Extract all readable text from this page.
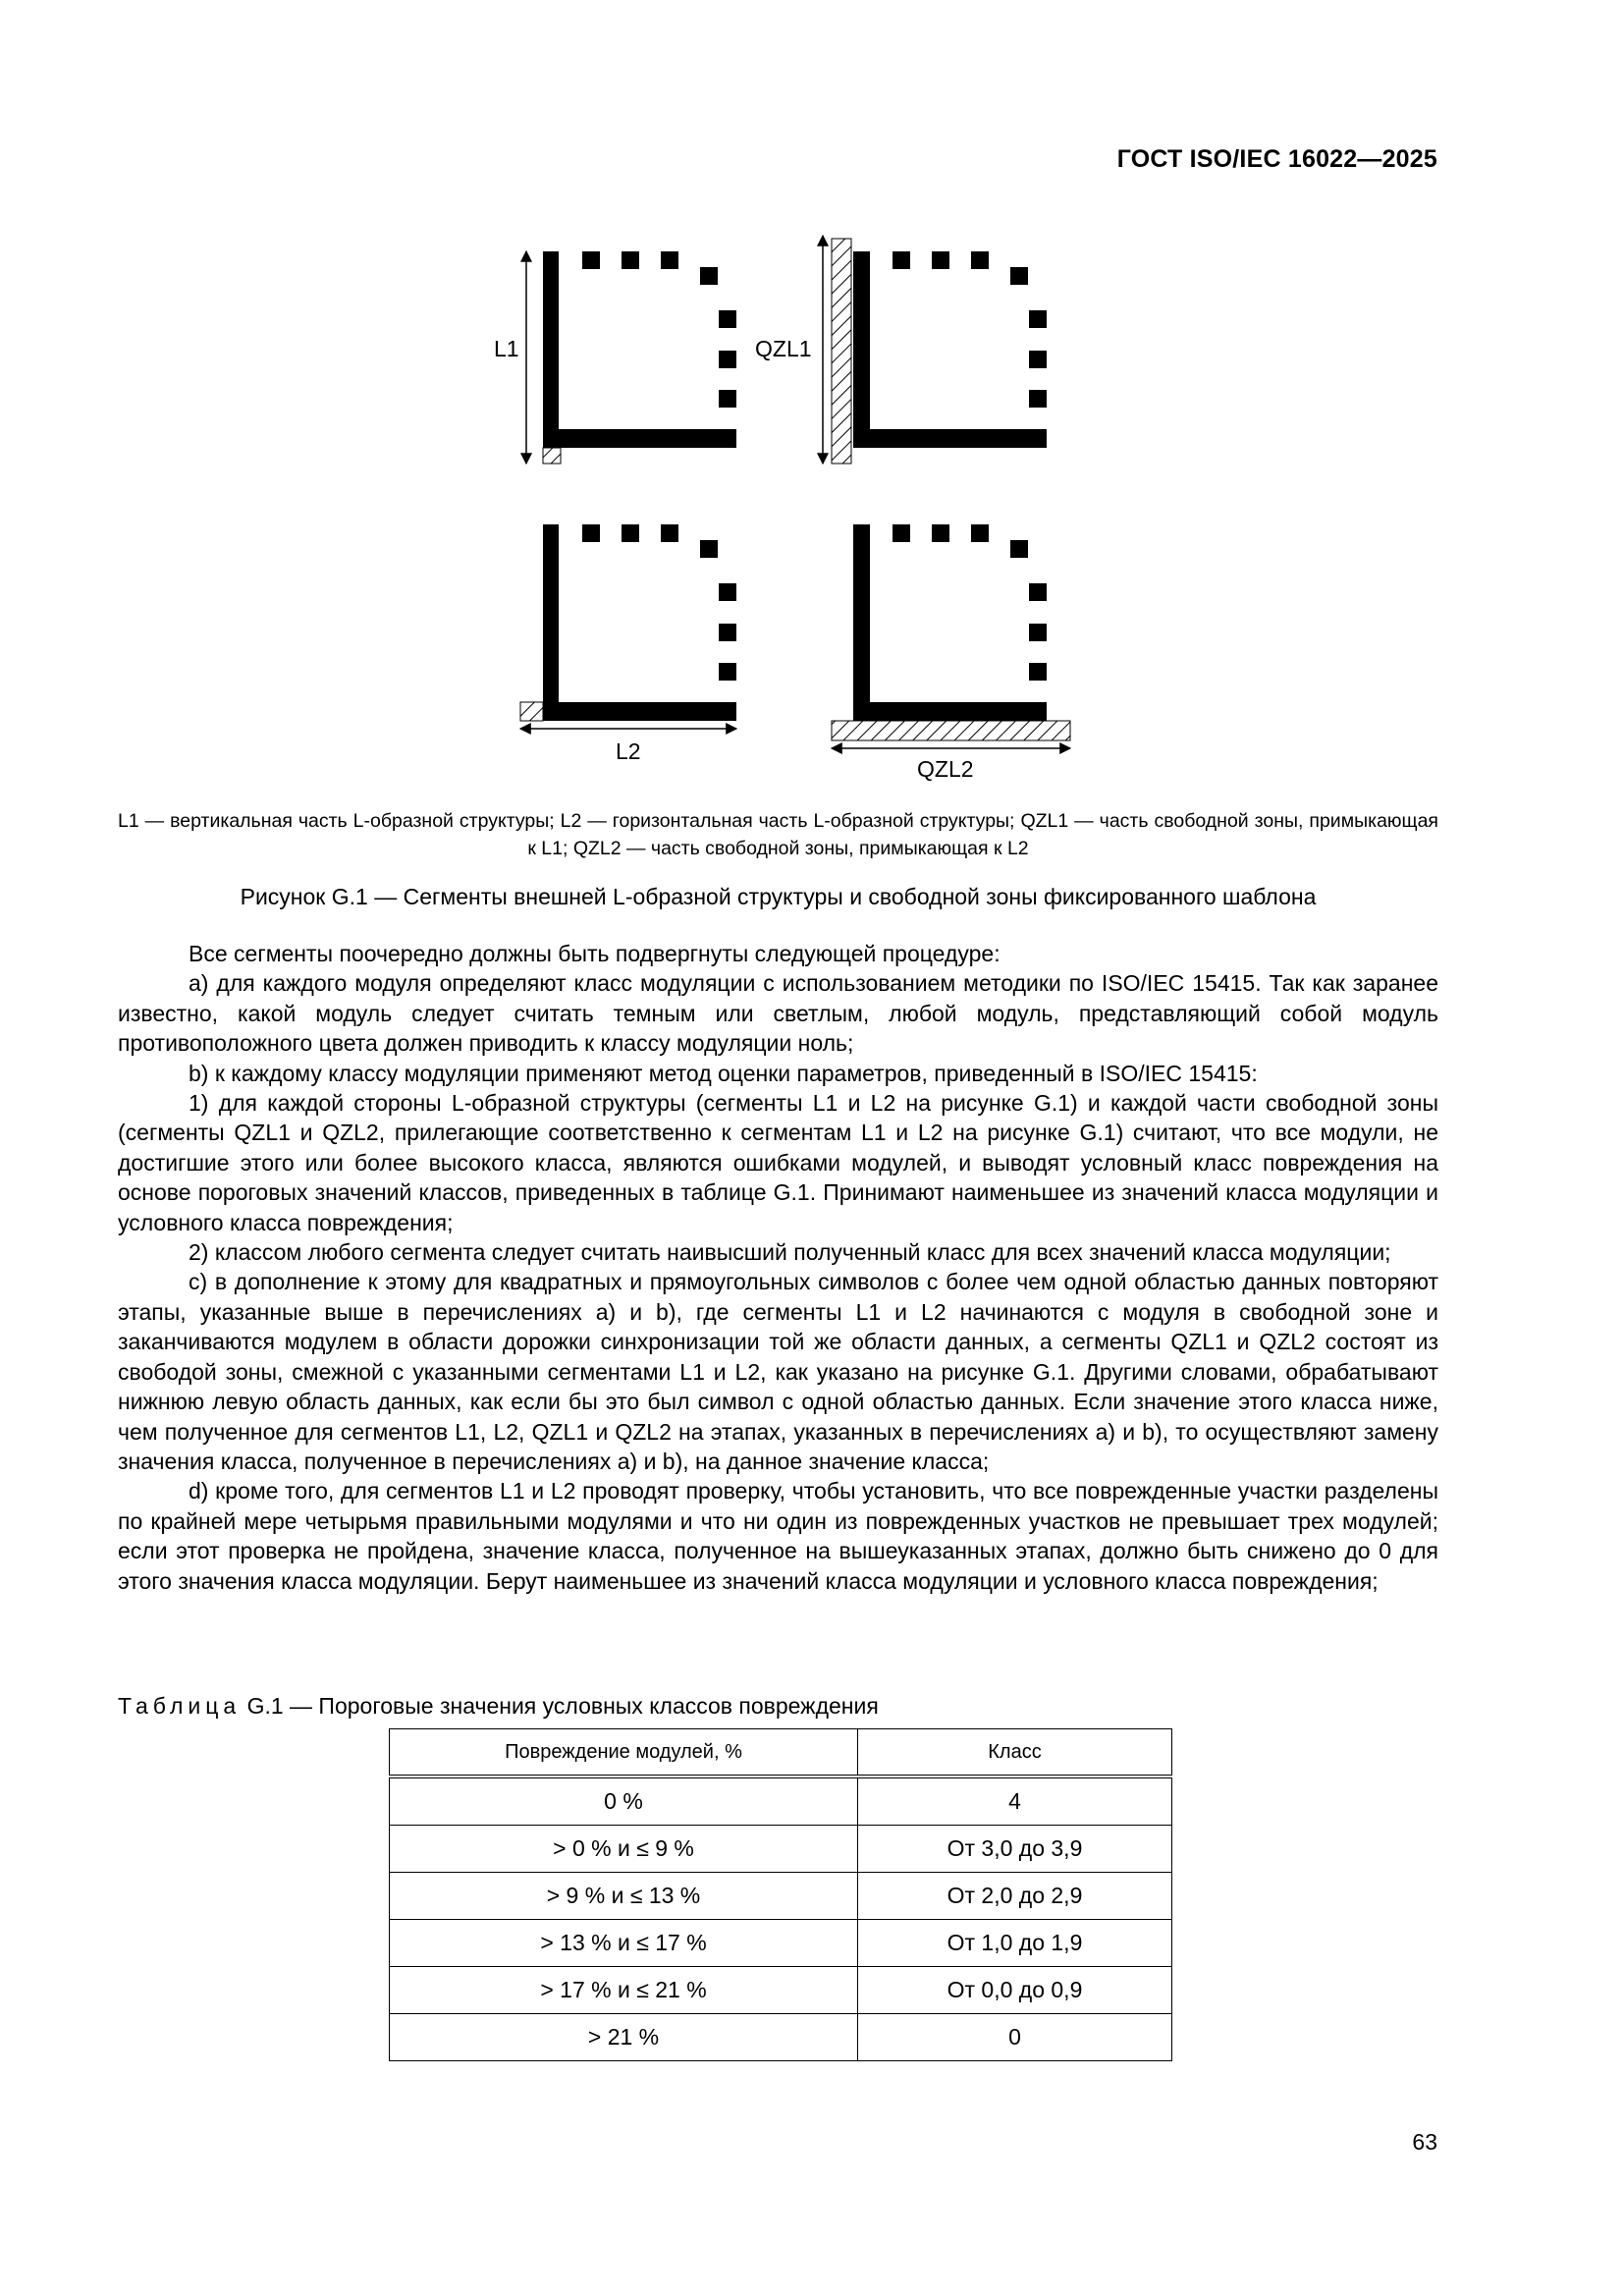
ГОСТ ISO/IEC 16022—2025
L1	QZL1
L2
QZL2
L1 — вертикальная часть L-образной структуры; L2 — горизонтальная часть L-образной структуры; QZL1 — часть свободной зоны, примыкающая к L1; QZL2 — часть свободной зоны, примыкающая к L2
Рисунок G.1 — Сегменты внешней L-образной структуры и свободной зоны фиксированного шаблона

Все сегменты поочередно должны быть подвергнуты следующей процедуре:

a) для каждого модуля определяют класс модуляции с использованием методики по ISO/IEC 15415. Так как заранее известно, какой модуль следует считать темным или светлым, любой модуль, представляющий собой модуль противоположного цвета должен приводить к классу модуляции ноль;

b) к каждому классу модуляции применяют метод оценки параметров, приведенный в ISO/IEC 15415:

1) для каждой стороны L-образной структуры (сегменты L1 и L2 на рисунке G.1) и каждой части свободной зоны (сегменты QZL1 и QZL2, прилегающие соответственно к сегментам L1 и L2 на рисунке G.1) считают, что все модули, не достигшие этого или более высокого класса, являются ошибками модулей, и выводят условный класс повреждения на основе пороговых значений классов, приведенных в таблице G.1. Принимают наименьшее из значений класса модуляции и условного класса повреждения;

2) классом любого сегмента следует считать наивысший полученный класс для всех значений класса модуляции;

c) в дополнение к этому для квадратных и прямоугольных символов с более чем одной областью данных повторяют этапы, указанные выше в перечислениях а) и b), где сегменты L1 и L2 начинаются с модуля в свободной зоне и заканчиваются модулем в области дорожки синхронизации той же области данных, а сегменты QZL1 и QZL2 состоят из свободой зоны, смежной с указанными сегментами L1 и L2, как указано на рисунке G.1. Другими словами, обрабатывают нижнюю левую область данных, как если бы это был символ с одной областью данных. Если значение этого класса ниже, чем полученное для сегментов L1, L2, QZL1 и QZL2 на этапах, указанных в перечислениях а) и b), то осуществляют замену значения класса, полученное в перечислениях а) и b), на данное значение класса;

d) кроме того, для сегментов L1 и L2 проводят проверку, чтобы установить, что все поврежденные участки разделены по крайней мере четырьмя правильными модулями и что ни один из поврежденных участков не превышает трех модулей; если этот проверка не пройдена, значение класса, полученное на вышеуказанных этапах, должно быть снижено до 0 для этого значения класса модуляции. Берут наименьшее из значений класса модуляции и условного класса повреждения;

Таблица G.1 — Пороговые значения условных классов повреждения
Повреждение модулей, %	Класс
0 %	4
> 0 % и ≤ 9 %	От 3,0 до 3,9
> 9 % и ≤ 13 %	От 2,0 до 2,9
> 13 % и ≤ 17 %	От 1,0 до 1,9
> 17 % и ≤ 21 %	От 0,0 до 0,9
> 21 %	0
63
